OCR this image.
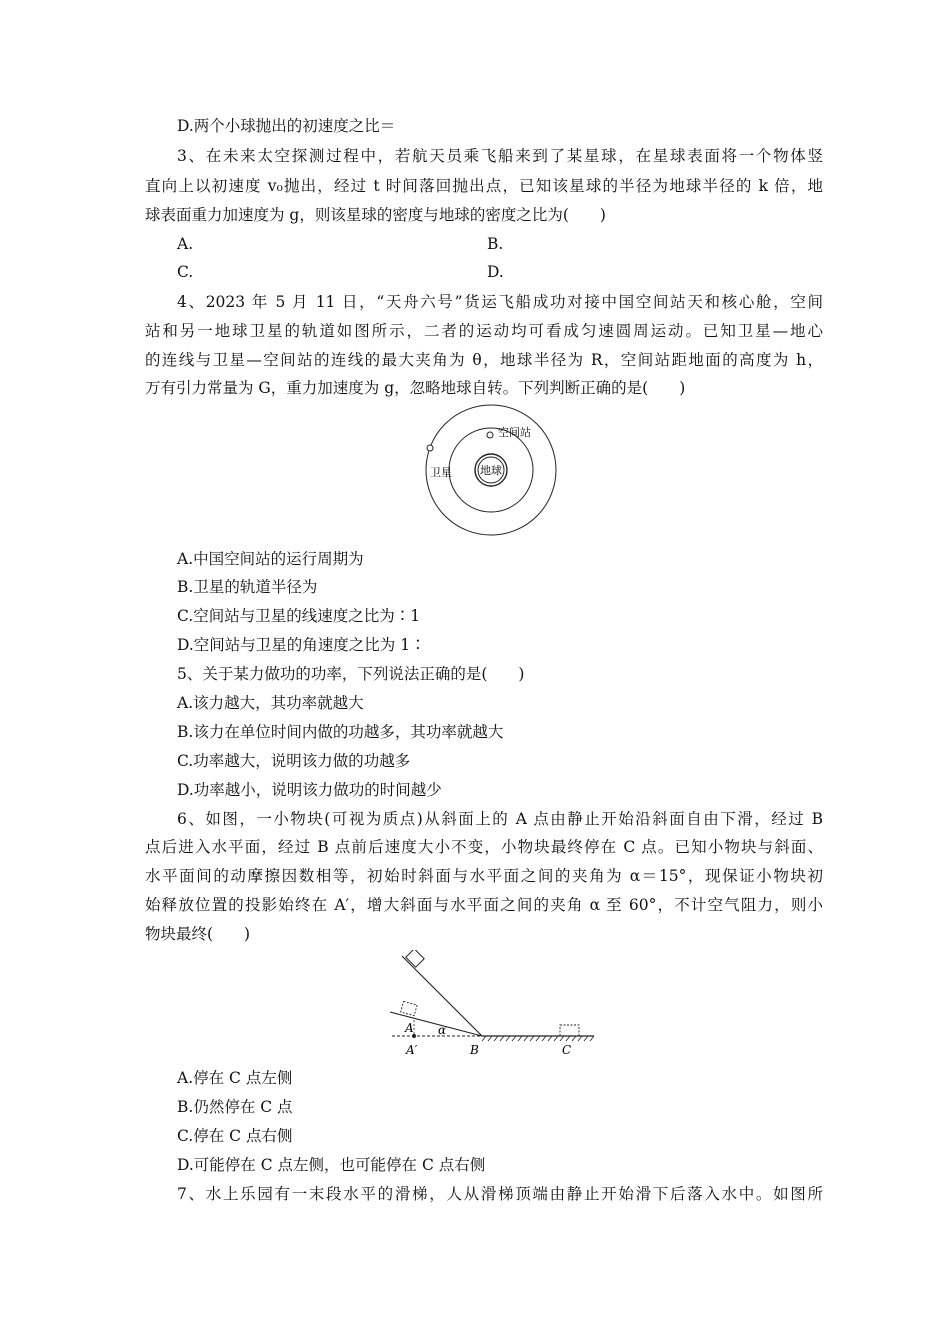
D.两个小球抛出的初速度之比＝
3、在未来太空探测过程中，若航天员乘飞船来到了某星球，在星球表面将一个物体竖
直向上以初速度 v₀抛出，经过 t 时间落回抛出点，已知该星球的半径为地球半径的 k 倍，地
球表面重力加速度为 g，则该星球的密度与地球的密度之比为(　　)
A.	B.
C.	D.
4、2023 年 5 月 11 日，“天舟六号”货运飞船成功对接中国空间站天和核心舱，空间
站和另一地球卫星的轨道如图所示，二者的运动均可看成匀速圆周运动。已知卫星—地心
的连线与卫星—空间站的连线的最大夹角为 θ，地球半径为 R，空间站距地面的高度为 h，
万有引力常量为 G，重力加速度为 g，忽略地球自转。下列判断正确的是(　　)
地球
空间站
卫星
A.中国空间站的运行周期为
B.卫星的轨道半径为
C.空间站与卫星的线速度之比为∶1
D.空间站与卫星的角速度之比为 1∶
5、关于某力做功的功率，下列说法正确的是(　　)
A.该力越大，其功率就越大
B.该力在单位时间内做的功越多，其功率就越大
C.功率越大，说明该力做的功越多
D.功率越小，说明该力做功的时间越少
6、如图，一小物块(可视为质点)从斜面上的 A 点由静止开始沿斜面自由下滑，经过 B
点后进入水平面，经过 B 点前后速度大小不变，小物块最终停在 C 点。已知小物块与斜面、
水平面间的动摩擦因数相等，初始时斜面与水平面之间的夹角为 α＝15°，现保证小物块初
始释放位置的投影始终在 A′，增大斜面与水平面之间的夹角 α 至 60°，不计空气阻力，则小
物块最终(　　)
A α
A′	B	C
A.停在 C 点左侧
B.仍然停在 C 点
C.停在 C 点右侧
D.可能停在 C 点左侧，也可能停在 C 点右侧
7、水上乐园有一末段水平的滑梯，人从滑梯顶端由静止开始滑下后落入水中。如图所
